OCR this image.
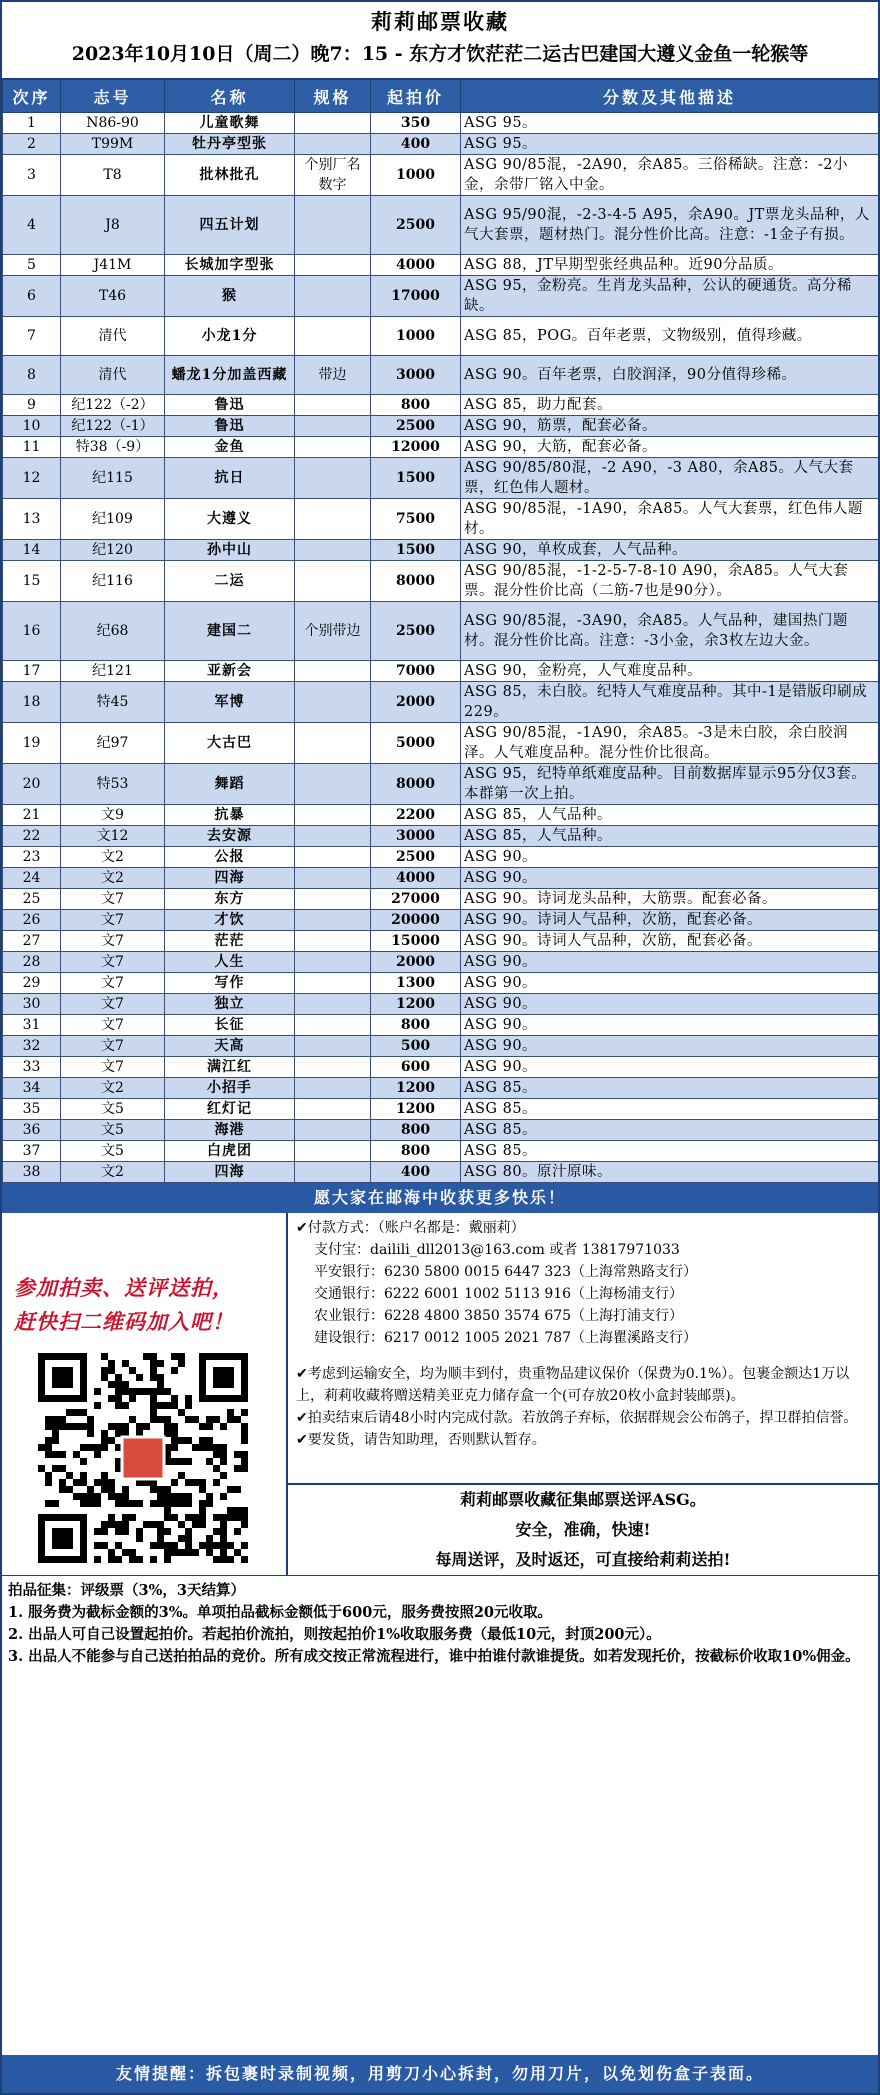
莉莉邮票收藏
2023年10月10日（周二）晚7：15 - 东方才饮茫茫二运古巴建国大遵义金鱼一轮猴等
次序	志号	名称	规格	起拍价	分数及其他描述
1	N86-90	儿童歌舞		350	ASG 95。
2	T99M	牡丹亭型张		400	ASG 95。
3	T8	批林批孔	个别厂名数字	1000	ASG 90/85混，-2A90，余A85。三俗稀缺。注意：-2小金，余带厂铭入中金。
4	J8	四五计划		2500	ASG 95/90混，-2-3-4-5 A95，余A90。JT票龙头品种，人气大套票，题材热门。混分性价比高。注意：-1金子有损。
5	J41M	长城加字型张		4000	ASG 88，JT早期型张经典品种。近90分品质。
6	T46	猴		17000	ASG 95，金粉亮。生肖龙头品种，公认的硬通货。高分稀缺。
7	清代	小龙1分		1000	ASG 85，POG。百年老票，文物级别，值得珍藏。
8	清代	蟠龙1分加盖西藏	带边	3000	ASG 90。百年老票，白胶润泽，90分值得珍稀。
9	纪122（-2）	鲁迅		800	ASG 85，助力配套。
10	纪122（-1）	鲁迅		2500	ASG 90，筋票，配套必备。
11	特38（-9）	金鱼		12000	ASG 90，大筋，配套必备。
12	纪115	抗日		1500	ASG 90/85/80混，-2 A90，-3 A80，余A85。人气大套票，红色伟人题材。
13	纪109	大遵义		7500	ASG 90/85混，-1A90，余A85。人气大套票，红色伟人题材。
14	纪120	孙中山		1500	ASG 90，单枚成套，人气品种。
15	纪116	二运		8000	ASG 90/85混，-1-2-5-7-8-10 A90，余A85。人气大套票。混分性价比高（二筋-7也是90分）。
16	纪68	建国二	个别带边	2500	ASG 90/85混，-3A90，余A85。人气品种，建国热门题材。混分性价比高。注意：-3小金，余3枚左边大金。
17	纪121	亚新会		7000	ASG 90，金粉亮，人气难度品种。
18	特45	军博		2000	ASG 85，未白胶。纪特人气难度品种。其中-1是错版印刷成229。
19	纪97	大古巴		5000	ASG 90/85混，-1A90，余A85。-3是未白胶，余白胶润泽。人气难度品种。混分性价比很高。
20	特53	舞蹈		8000	ASG 95，纪特单纸难度品种。目前数据库显示95分仅3套。本群第一次上拍。
21	文9	抗暴		2200	ASG 85，人气品种。
22	文12	去安源		3000	ASG 85，人气品种。
23	文2	公报		2500	ASG 90。
24	文2	四海		4000	ASG 90。
25	文7	东方		27000	ASG 90。诗词龙头品种，大筋票。配套必备。
26	文7	才饮		20000	ASG 90。诗词人气品种，次筋，配套必备。
27	文7	茫茫		15000	ASG 90。诗词人气品种，次筋，配套必备。
28	文7	人生		2000	ASG 90。
29	文7	写作		1300	ASG 90。
30	文7	独立		1200	ASG 90。
31	文7	长征		800	ASG 90。
32	文7	天高		500	ASG 90。
33	文7	满江红		600	ASG 90。
34	文2	小招手		1200	ASG 85。
35	文5	红灯记		1200	ASG 85。
36	文5	海港		800	ASG 85。
37	文5	白虎团		800	ASG 85。
38	文2	四海		400	ASG 80。原汁原味。
愿大家在邮海中收获更多快乐！
参加拍卖、送评送拍，
赶快扫二维码加入吧！
✔付款方式：（账户名都是：戴丽莉）
支付宝：dailili_dll2013@163.com 或者 13817971033
平安银行：6230 5800 0015 6447 323（上海常熟路支行）
交通银行：6222 6001 1002 5113 916（上海杨浦支行）
农业银行：6228 4800 3850 3574 675（上海打浦支行）
建设银行：6217 0012 1005 2021 787（上海瞿溪路支行）
✔考虑到运输安全，均为顺丰到付，贵重物品建议保价（保费为0.1%）。包裹金额达1万以上，莉莉收藏将赠送精美亚克力储存盒一个(可存放20枚小盒封装邮票)。
✔拍卖结束后请48小时内完成付款。若放鸽子弃标，依据群规会公布鸽子，捍卫群拍信誉。
✔要发货，请告知助理，否则默认暂存。
莉莉邮票收藏征集邮票送评ASG。
安全，准确，快速!
每周送评，及时返还，可直接给莉莉送拍!
拍品征集：评级票（3%，3天结算）
1. 服务费为截标金额的3%。单项拍品截标金额低于600元，服务费按照20元收取。
2. 出品人可自己设置起拍价。若起拍价流拍，则按起拍价1%收取服务费（最低10元，封顶200元）。
3. 出品人不能参与自己送拍拍品的竞价。所有成交按正常流程进行，谁中拍谁付款谁提货。如若发现托价，按截标价收取10%佣金。
友情提醒：拆包裹时录制视频，用剪刀小心拆封，勿用刀片，以免划伤盒子表面。
